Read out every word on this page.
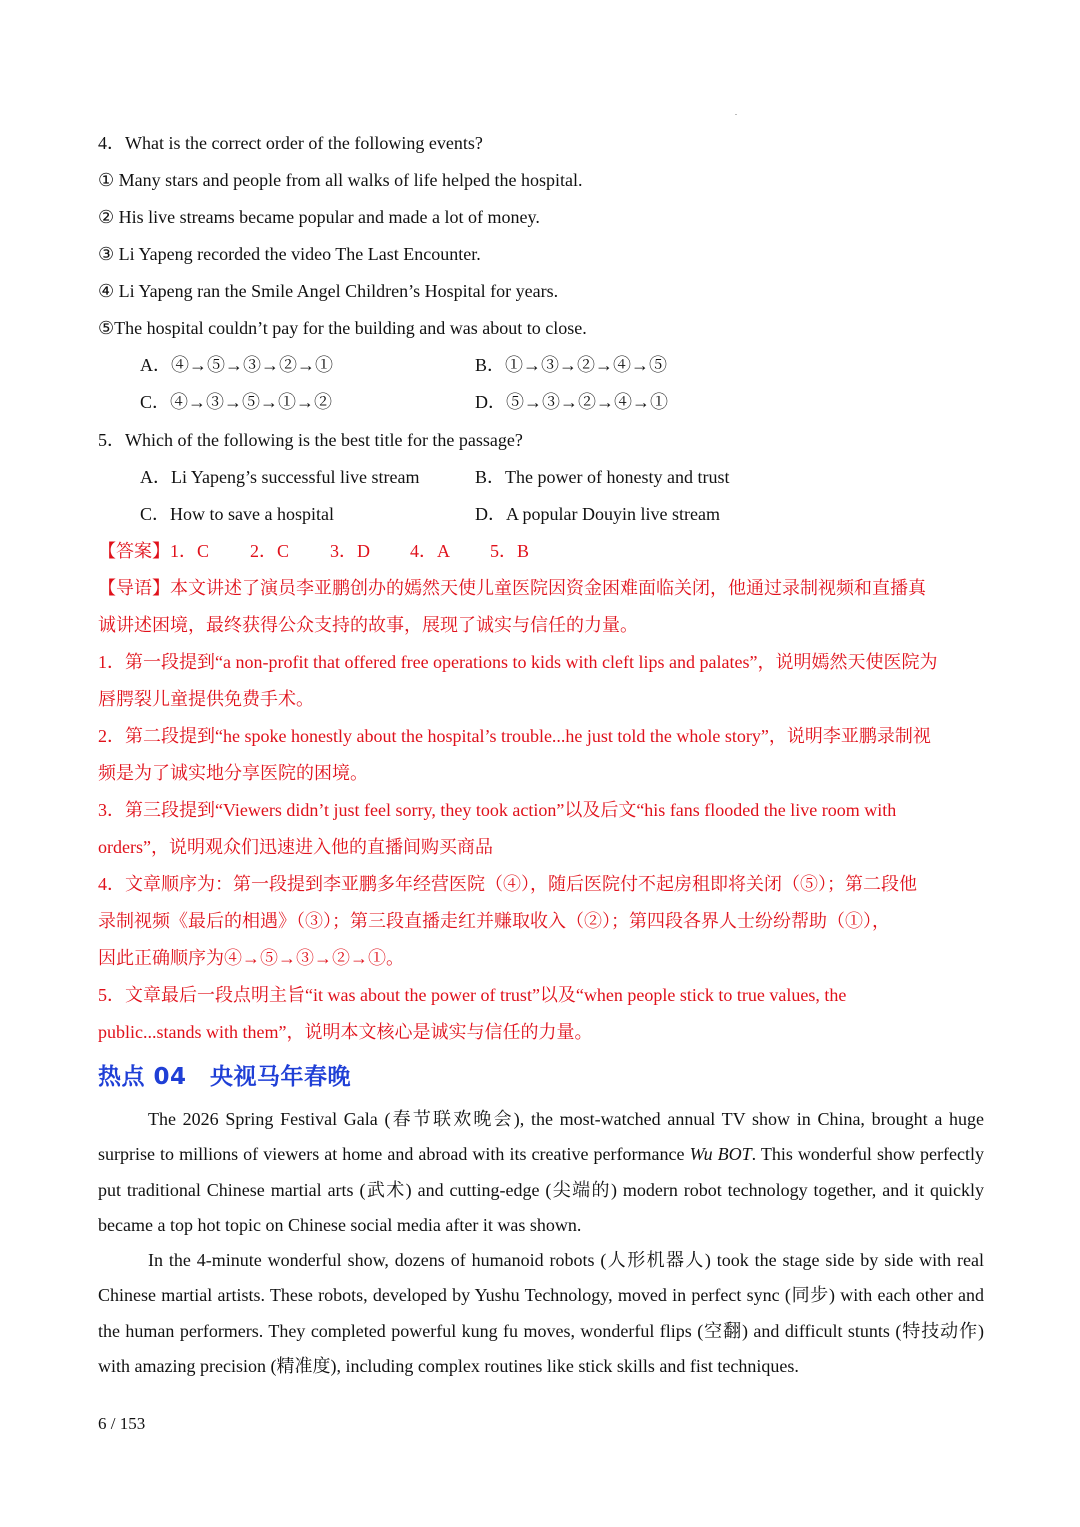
4．What is the correct order of the following events?
① Many stars and people from all walks of life helped the hospital.
② His live streams became popular and made a lot of money.
③ Li Yapeng recorded the video The Last Encounter.
④ Li Yapeng ran the Smile Angel Children’s Hospital for years.
⑤The hospital couldn’t pay for the building and was about to close.
A．④→⑤→③→②→①	B．①→③→②→④→⑤
C．④→③→⑤→①→②	D．⑤→③→②→④→①
5．Which of the following is the best title for the passage?
A．Li Yapeng’s successful live stream	B．The power of honesty and trust
C．How to save a hospital	D．A popular Douyin live stream
【答案】1．C 2．C 3．D 4．A 5．B
【导语】本文讲述了演员李亚鹏创办的嫣然天使儿童医院因资金困难面临关闭，他通过录制视频和直播真
诚讲述困境，最终获得公众支持的故事，展现了诚实与信任的力量。
1．第一段提到“a non-profit that offered free operations to kids with cleft lips and palates”，说明嫣然天使医院为
唇腭裂儿童提供免费手术。
2．第二段提到“he spoke honestly about the hospital’s trouble...he just told the whole story”，说明李亚鹏录制视
频是为了诚实地分享医院的困境。
3．第三段提到“Viewers didn’t just feel sorry, they took action”以及后文“his fans flooded the live room with
orders”，说明观众们迅速进入他的直播间购买商品
4．文章顺序为：第一段提到李亚鹏多年经营医院（④），随后医院付不起房租即将关闭（⑤）；第二段他
录制视频《最后的相遇》（③）；第三段直播走红并赚取收入（②）；第四段各界人士纷纷帮助（①），
因此正确顺序为④→⑤→③→②→①。
5．文章最后一段点明主旨“it was about the power of trust”以及“when people stick to true values, the
public...stands with them”，说明本文核心是诚实与信任的力量。
热点 04　央视马年春晚

The 2026 Spring Festival Gala (春节联欢晚会), the most-watched annual TV show in China, brought a huge surprise to millions of viewers at home and abroad with its creative performance Wu BOT. This wonderful show perfectly put traditional Chinese martial arts (武术) and cutting-edge (尖端的) modern robot technology together, and it quickly became a top hot topic on Chinese social media after it was shown.

In the 4-minute wonderful show, dozens of humanoid robots (人形机器人) took the stage side by side with real Chinese martial artists. These robots, developed by Yushu Technology, moved in perfect sync (同步) with each other and the human performers. They completed powerful kung fu moves, wonderful flips (空翻) and difficult stunts (特技动作) with amazing precision (精准度), including complex routines like stick skills and fist techniques.

6 / 153
